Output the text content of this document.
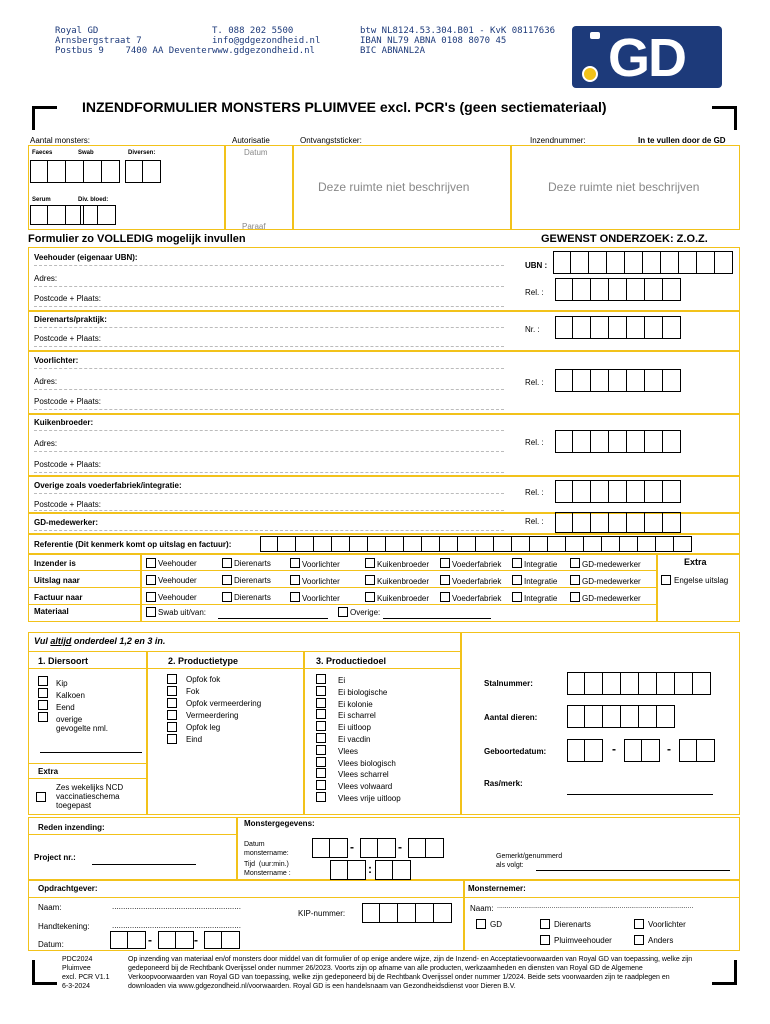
Royal GD
Arnsbergstraat 7
Postbus 9    7400 AA Deventer
T. 088 202 5500
info@gdgezondheid.nl
www.gdgezondheid.nl
btw NL8124.53.304.B01 - KvK 08117636
IBAN NL79 ABNA 0108 8070 45
BIC ABNANL2A	GD
INZENDFORMULIER MONSTERS PLUIMVEE excl. PCR's (geen sectiemateriaal)
Aantal monsters:	Autorisatie	Ontvangststicker:	Inzendnummer:	In te vullen door de GD
Faeces	Swab	Diversen:
Serum	Div. bloed:
Datum
Paraaf
Deze ruimte niet beschrijven	Deze ruimte niet beschrijven
Formulier zo VOLLEDIG mogelijk invullen	GEWENST ONDERZOEK: Z.O.Z.
Veehouder (eigenaar UBN):
Adres:
Postcode + Plaats:
UBN :
Rel. :
Dierenarts/praktijk:
Postcode + Plaats:
Nr. :
Voorlichter:
Adres:
Postcode + Plaats:
Rel. :
Kuikenbroeder:
Adres:
Postcode + Plaats:
Rel. :
Overige zoals voederfabriek/integratie:
Postcode + Plaats:
Rel. :
GD-medewerker:	Rel. :
Referentie (Dit kenmerk komt op uitslag en factuur):
Inzender is	Veehouder	Dierenarts	Voorlichter	Kuikenbroeder	Voederfabriek	Integratie	GD-medewerker
Uitslag naar	Veehouder	Dierenarts	Voorlichter	Kuikenbroeder	Voederfabriek	Integratie	GD-medewerker
Factuur naar	Veehouder	Dierenarts	Voorlichter	Kuikenbroeder	Voederfabriek	Integratie	GD-medewerker
Materiaal	Swab uit/van:	Overige:
Extra
Engelse uitslag
Vul altijd onderdeel 1,2 en 3 in.
1. Diersoort	2. Productietype	3. Productiedoel
Kip
Kalkoen
Eend
overige
gevogelte nml.
Opfok fok
Fok
Opfok vermeerdering
Vermeerdering
Opfok leg
Eind
Ei
Ei biologische
Ei kolonie
Ei scharrel
Ei uitloop
Ei vacdin
Vlees
Vlees biologisch
Vlees scharrel
Vlees volwaard
Vlees vrije uitloop
Extra
Zes wekelijks NCD
vaccinatieschema
toegepast
Stalnummer:
Aantal dieren:
Geboortedatum:	-	-
Ras/merk:
Reden inzending:	Monstergegevens:
Project nr.:
Datum
monstername:
Tijd  (uur:min.)
Monstername :
-	-
:
Gemerkt/genummerd
als volgt:
Opdrachtgever:	Monsternemer:
Naam:	..........................................................
Handtekening:	..........................................................
Datum:	-	-
KIP-nummer:
Naam: .....................................................................................................
GD	Dierenarts	Voorlichter
Pluimveehouder	Anders
PDC2024
Pluimvee
excl. PCR V1.1
6-3-2024
Op inzending van materiaal en/of monsters door middel van dit formulier of op enige andere wijze, zijn de Inzend- en Acceptatievoorwaarden van Royal GD van toepassing, welke zijn gedeponeerd bij de Rechtbank Overijssel onder nummer 26/2023. Voorts zijn op afname van alle producten, werkzaamheden en diensten van Royal GD de Algemene Verkoopvoorwaarden van Royal GD van toepassing, welke zijn gedeponeerd bij de Rechtbank Overijssel onder nummer 1/2024. Beide sets voorwaarden zijn te raadplegen en downloaden via www.gdgezondheid.nl/voorwaarden. Royal GD is een handelsnaam van Gezondheidsdienst voor Dieren B.V.
